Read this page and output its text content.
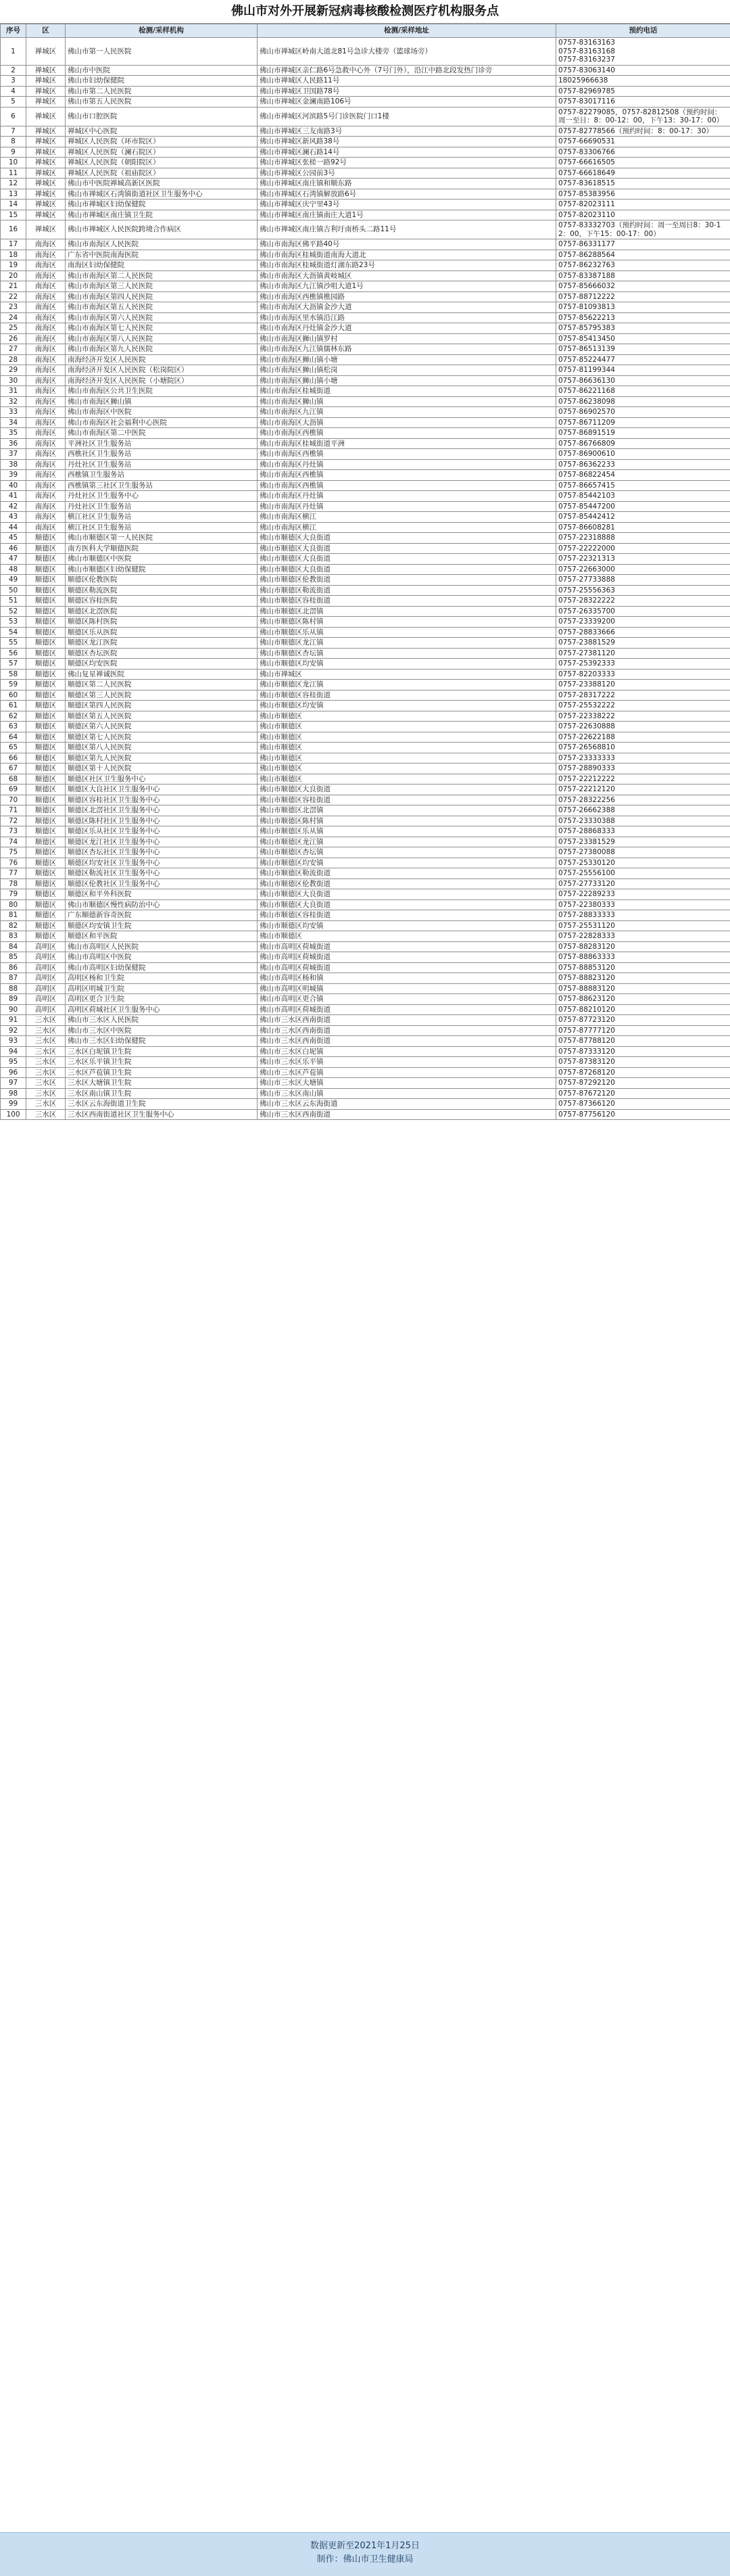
佛山市对外开展新冠病毒核酸检测医疗机构服务点
序号	区	检测/采样机构	检测/采样地址	预约电话
1	禅城区	佛山市第一人民医院	佛山市禅城区岭南大道北81号急诊大楼旁（篮球场旁）	0757-83163163
0757-83163168
0757-83163237
2	禅城区	佛山市中医院	佛山市禅城区亲仁路6号急救中心外（7号门外），沿江中路北段发热门诊旁	0757-83063140
3	禅城区	佛山市妇幼保健院	佛山市禅城区人民路11号	18025966638
4	禅城区	佛山市第二人民医院	佛山市禅城区卫国路78号	0757-82969785
5	禅城区	佛山市第五人民医院	佛山市禅城区金澜南路106号	0757-83017116
6	禅城区	佛山市口腔医院	佛山市禅城区河滨路5号门诊医院门口1楼	0757-82279085，0757-82812508（预约时间：周一至日：8：00-12：00，下午13：30-17：00）
7	禅城区	禅城区中心医院	佛山市禅城区三友南路3号	0757-82778566（预约时间：8：00-17：30）
8	禅城区	禅城区人民医院（环市院区）	佛山市禅城区新风路38号	0757-66690531
9	禅城区	禅城区人民医院（澜石院区）	佛山市禅城区澜石路14号	0757-83306766
10	禅城区	禅城区人民医院（朝阳院区）	佛山市禅城区张槎一路92号	0757-66616505
11	禅城区	禅城区人民医院（祖庙院区）	佛山市禅城区公园前3号	0757-66618649
12	禅城区	佛山市中医院禅城高新区医院	佛山市禅城区南庄镇和顺东路	0757-83618515
13	禅城区	佛山市禅城区石湾镇街道社区卫生服务中心	佛山市禅城区石湾镇解放路6号	0757-85383956
14	禅城区	佛山市禅城区妇幼保健院	佛山市禅城区庆宁里43号	0757-82023111
15	禅城区	佛山市禅城区南庄镇卫生院	佛山市禅城区南庄镇南庄大道1号	0757-82023110
16	禅城区	佛山市禅城区人民医院跨境合作病区	佛山市禅城区南庄镇吉利圩南桥头二路11号	0757-83332703（预约时间：周一至周日8：30-12：00，下午15：00-17：00）
17	南海区	佛山市南海区人民医院	佛山市南海区佛平路40号	0757-86331177
18	南海区	广东省中医院南海医院	佛山市南海区桂城街道南海大道北	0757-86288564
19	南海区	南海区妇幼保健院	佛山市南海区桂城街道灯湖东路23号	0757-86232763
20	南海区	佛山市南海区第二人民医院	佛山市南海区大沥镇黄岐城区	0757-83387188
21	南海区	佛山市南海区第三人民医院	佛山市南海区九江镇沙咀大道1号	0757-85666032
22	南海区	佛山市南海区第四人民医院	佛山市南海区西樵镇樵园路	0757-88712222
23	南海区	佛山市南海区第五人民医院	佛山市南海区大沥镇金沙大道	0757-81093813
24	南海区	佛山市南海区第六人民医院	佛山市南海区里水镇沿江路	0757-85622213
25	南海区	佛山市南海区第七人民医院	佛山市南海区丹灶镇金沙大道	0757-85795383
26	南海区	佛山市南海区第八人民医院	佛山市南海区狮山镇罗村	0757-85413450
27	南海区	佛山市南海区第九人民医院	佛山市南海区九江镇儒林东路	0757-86513139
28	南海区	南海经济开发区人民医院	佛山市南海区狮山镇小塘	0757-85224477
29	南海区	南海经济开发区人民医院（松岗院区）	佛山市南海区狮山镇松岗	0757-81199344
30	南海区	南海经济开发区人民医院（小塘院区）	佛山市南海区狮山镇小塘	0757-86636130
31	南海区	佛山市南海区公共卫生医院	佛山市南海区桂城街道	0757-86221168
32	南海区	佛山市南海区狮山镇	佛山市南海区狮山镇	0757-86238098
33	南海区	佛山市南海区中医院	佛山市南海区九江镇	0757-86902570
34	南海区	佛山市南海区社会福利中心医院	佛山市南海区大沥镇	0757-86711209
35	南海区	佛山市南海区第二中医院	佛山市南海区西樵镇	0757-86891519
36	南海区	平洲社区卫生服务站	佛山市南海区桂城街道平洲	0757-86766809
37	南海区	西樵社区卫生服务站	佛山市南海区西樵镇	0757-86900610
38	南海区	丹灶社区卫生服务站	佛山市南海区丹灶镇	0757-86362233
39	南海区	西樵镇卫生服务站	佛山市南海区西樵镇	0757-86822454
40	南海区	西樵镇第三社区卫生服务站	佛山市南海区西樵镇	0757-86657415
41	南海区	丹灶社区卫生服务中心	佛山市南海区丹灶镇	0757-85442103
42	南海区	丹灶社区卫生服务站	佛山市南海区丹灶镇	0757-85447200
43	南海区	横江社区卫生服务站	佛山市南海区横江	0757-85442412
44	南海区	横江社区卫生服务站	佛山市南海区横江	0757-86608281
45	顺德区	佛山市顺德区第一人民医院	佛山市顺德区大良街道	0757-22318888
46	顺德区	南方医科大学顺德医院	佛山市顺德区大良街道	0757-22222000
47	顺德区	佛山市顺德区中医院	佛山市顺德区大良街道	0757-22321313
48	顺德区	佛山市顺德区妇幼保健院	佛山市顺德区大良街道	0757-22663000
49	顺德区	顺德区伦教医院	佛山市顺德区伦教街道	0757-27733888
50	顺德区	顺德区勒流医院	佛山市顺德区勒流街道	0757-25556363
51	顺德区	顺德区容桂医院	佛山市顺德区容桂街道	0757-28322222
52	顺德区	顺德区北滘医院	佛山市顺德区北滘镇	0757-26335700
53	顺德区	顺德区陈村医院	佛山市顺德区陈村镇	0757-23339200
54	顺德区	顺德区乐从医院	佛山市顺德区乐从镇	0757-28833666
55	顺德区	顺德区龙江医院	佛山市顺德区龙江镇	0757-23881529
56	顺德区	顺德区杏坛医院	佛山市顺德区杏坛镇	0757-27381120
57	顺德区	顺德区均安医院	佛山市顺德区均安镇	0757-25392333
58	顺德区	佛山复星禅诚医院	佛山市禅城区	0757-82203333
59	顺德区	顺德区第二人民医院	佛山市顺德区龙江镇	0757-23388120
60	顺德区	顺德区第三人民医院	佛山市顺德区容桂街道	0757-28317222
61	顺德区	顺德区第四人民医院	佛山市顺德区均安镇	0757-25532222
62	顺德区	顺德区第五人民医院	佛山市顺德区	0757-22338222
63	顺德区	顺德区第六人民医院	佛山市顺德区	0757-22630888
64	顺德区	顺德区第七人民医院	佛山市顺德区	0757-22622188
65	顺德区	顺德区第八人民医院	佛山市顺德区	0757-26568810
66	顺德区	顺德区第九人民医院	佛山市顺德区	0757-23333333
67	顺德区	顺德区第十人民医院	佛山市顺德区	0757-28890333
68	顺德区	顺德区社区卫生服务中心	佛山市顺德区	0757-22212222
69	顺德区	顺德区大良社区卫生服务中心	佛山市顺德区大良街道	0757-22212120
70	顺德区	顺德区容桂社区卫生服务中心	佛山市顺德区容桂街道	0757-28322256
71	顺德区	顺德区北滘社区卫生服务中心	佛山市顺德区北滘镇	0757-26662388
72	顺德区	顺德区陈村社区卫生服务中心	佛山市顺德区陈村镇	0757-23330388
73	顺德区	顺德区乐从社区卫生服务中心	佛山市顺德区乐从镇	0757-28868333
74	顺德区	顺德区龙江社区卫生服务中心	佛山市顺德区龙江镇	0757-23381529
75	顺德区	顺德区杏坛社区卫生服务中心	佛山市顺德区杏坛镇	0757-27380088
76	顺德区	顺德区均安社区卫生服务中心	佛山市顺德区均安镇	0757-25330120
77	顺德区	顺德区勒流社区卫生服务中心	佛山市顺德区勒流街道	0757-25556100
78	顺德区	顺德区伦教社区卫生服务中心	佛山市顺德区伦教街道	0757-27733120
79	顺德区	顺德区和平外科医院	佛山市顺德区大良街道	0757-22289233
80	顺德区	佛山市顺德区慢性病防治中心	佛山市顺德区大良街道	0757-22380333
81	顺德区	广东顺德新容奇医院	佛山市顺德区容桂街道	0757-28833333
82	顺德区	顺德区均安镇卫生院	佛山市顺德区均安镇	0757-25531120
83	顺德区	顺德区和平医院	佛山市顺德区	0757-22828333
84	高明区	佛山市高明区人民医院	佛山市高明区荷城街道	0757-88283120
85	高明区	佛山市高明区中医院	佛山市高明区荷城街道	0757-88863333
86	高明区	佛山市高明区妇幼保健院	佛山市高明区荷城街道	0757-88853120
87	高明区	高明区杨和卫生院	佛山市高明区杨和镇	0757-88823120
88	高明区	高明区明城卫生院	佛山市高明区明城镇	0757-88883120
89	高明区	高明区更合卫生院	佛山市高明区更合镇	0757-88623120
90	高明区	高明区荷城社区卫生服务中心	佛山市高明区荷城街道	0757-88210120
91	三水区	佛山市三水区人民医院	佛山市三水区西南街道	0757-87723120
92	三水区	佛山市三水区中医院	佛山市三水区西南街道	0757-87777120
93	三水区	佛山市三水区妇幼保健院	佛山市三水区西南街道	0757-87788120
94	三水区	三水区白坭镇卫生院	佛山市三水区白坭镇	0757-87333120
95	三水区	三水区乐平镇卫生院	佛山市三水区乐平镇	0757-87383120
96	三水区	三水区芦苞镇卫生院	佛山市三水区芦苞镇	0757-87268120
97	三水区	三水区大塘镇卫生院	佛山市三水区大塘镇	0757-87292120
98	三水区	三水区南山镇卫生院	佛山市三水区南山镇	0757-87672120
99	三水区	三水区云东海街道卫生院	佛山市三水区云东海街道	0757-87366120
100	三水区	三水区西南街道社区卫生服务中心	佛山市三水区西南街道	0757-87756120
数据更新至2021年1月25日
制作：佛山市卫生健康局
